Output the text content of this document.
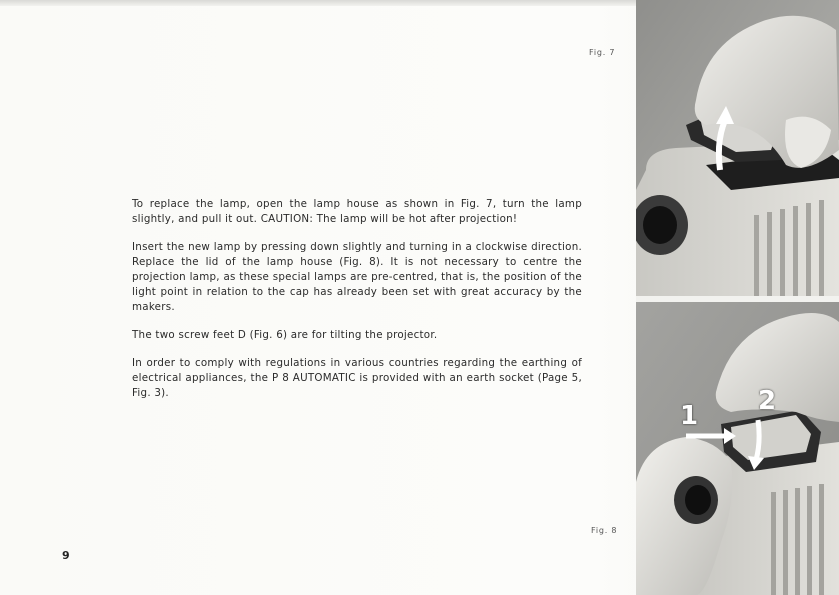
Fig. 7

To replace the lamp, open the lamp house as shown in Fig. 7, turn the lamp slightly, and pull it out. CAUTION: The lamp will be hot after projection!

Insert the new lamp by pressing down slightly and turning in a clockwise direction. Replace the lid of the lamp house (Fig. 8). It is not necessary to centre the projection lamp, as these special lamps are pre-centred, that is, the position of the light point in relation to the cap has already been set with great accuracy by the makers.

The two screw feet D (Fig. 6) are for tilting the projector.

In order to comply with regulations in various countries regarding the earthing of electrical appliances, the P 8 AUTOMATIC is provided with an earth socket (Page 5, Fig. 3).

Fig. 8
9
1 2
